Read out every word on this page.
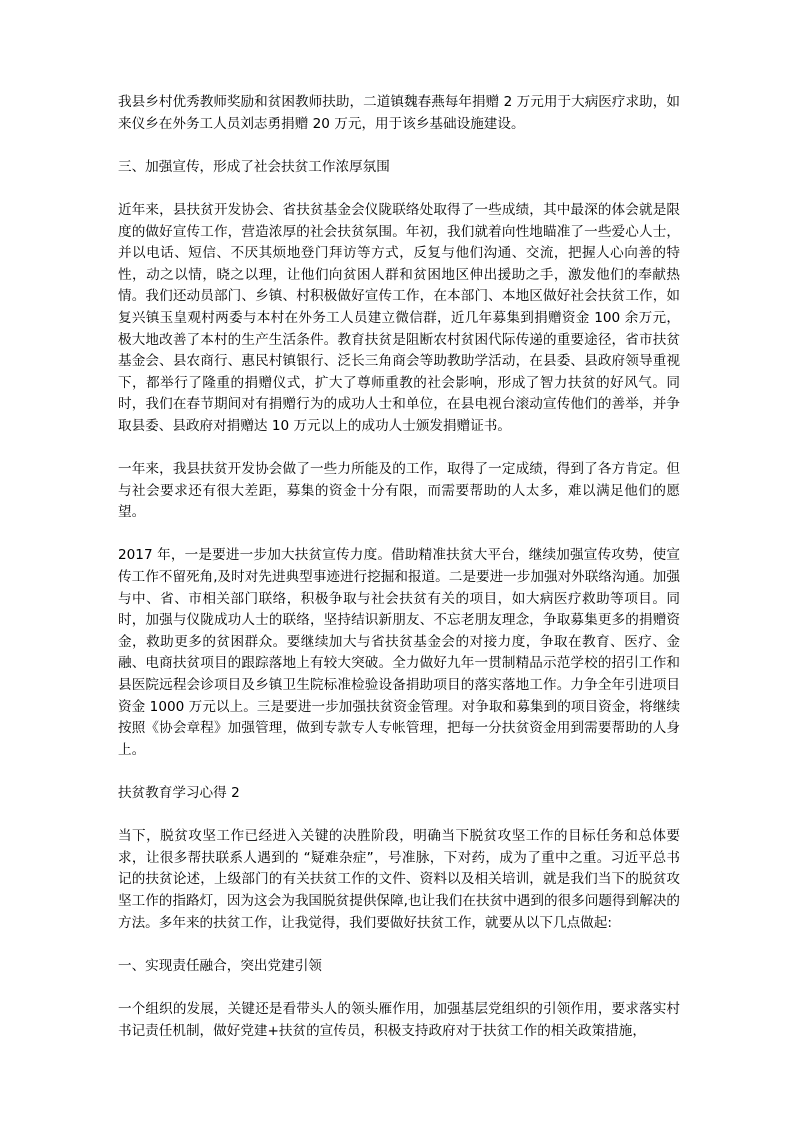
我县乡村优秀教师奖励和贫困教师扶助，二道镇魏春燕每年捐赠 2 万元用于大病医疗求助，如来仪乡在外务工人员刘志勇捐赠 20 万元，用于该乡基础设施建设。

三、加强宣传，形成了社会扶贫工作浓厚氛围

近年来，县扶贫开发协会、省扶贫基金会仪陇联络处取得了一些成绩，其中最深的体会就是限度的做好宣传工作，营造浓厚的社会扶贫氛围。年初，我们就着向性地瞄准了一些爱心人士，并以电话、短信、不厌其烦地登门拜访等方式，反复与他们沟通、交流，把握人心向善的特性，动之以情，晓之以理，让他们向贫困人群和贫困地区伸出援助之手，激发他们的奉献热情。我们还动员部门、乡镇、村积极做好宣传工作，在本部门、本地区做好社会扶贫工作，如复兴镇玉皇观村两委与本村在外务工人员建立微信群，近几年募集到捐赠资金 100 余万元，极大地改善了本村的生产生活条件。教育扶贫是阻断农村贫困代际传递的重要途径，省市扶贫基金会、县农商行、惠民村镇银行、泛长三角商会等助教助学活动，在县委、县政府领导重视下，都举行了隆重的捐赠仪式，扩大了尊师重教的社会影响，形成了智力扶贫的好风气。同时，我们在春节期间对有捐赠行为的成功人士和单位，在县电视台滚动宣传他们的善举，并争取县委、县政府对捐赠达 10 万元以上的成功人士颁发捐赠证书。

一年来，我县扶贫开发协会做了一些力所能及的工作，取得了一定成绩，得到了各方肯定。但与社会要求还有很大差距，募集的资金十分有限，而需要帮助的人太多，难以满足他们的愿望。

2017 年，一是要进一步加大扶贫宣传力度。借助精准扶贫大平台，继续加强宣传攻势，使宣传工作不留死角,及时对先进典型事迹进行挖掘和报道。二是要进一步加强对外联络沟通。加强与中、省、市相关部门联络，积极争取与社会扶贫有关的项目，如大病医疗救助等项目。同时，加强与仪陇成功人士的联络，坚持结识新朋友、不忘老朋友理念，争取募集更多的捐赠资金，救助更多的贫困群众。要继续加大与省扶贫基金会的对接力度，争取在教育、医疗、金融、电商扶贫项目的跟踪落地上有较大突破。全力做好九年一贯制精品示范学校的招引工作和县医院远程会诊项目及乡镇卫生院标准检验设备捐助项目的落实落地工作。力争全年引进项目资金 1000 万元以上。三是要进一步加强扶贫资金管理。对争取和募集到的项目资金，将继续按照《协会章程》加强管理，做到专款专人专帐管理，把每一分扶贫资金用到需要帮助的人身上。

扶贫教育学习心得 2

当下，脱贫攻坚工作已经进入关键的决胜阶段，明确当下脱贫攻坚工作的目标任务和总体要求，让很多帮扶联系人遇到的 “疑难杂症”，号准脉，下对药，成为了重中之重。习近平总书记的扶贫论述，上级部门的有关扶贫工作的文件、资料以及相关培训，就是我们当下的脱贫攻坚工作的指路灯，因为这会为我国脱贫提供保障,也让我们在扶贫中遇到的很多问题得到解决的方法。多年来的扶贫工作，让我觉得，我们要做好扶贫工作，就要从以下几点做起:

一、实现责任融合，突出党建引领

一个组织的发展，关键还是看带头人的领头雁作用，加强基层党组织的引领作用，要求落实村书记责任机制，做好党建+扶贫的宣传员，积极支持政府对于扶贫工作的相关政策措施，
